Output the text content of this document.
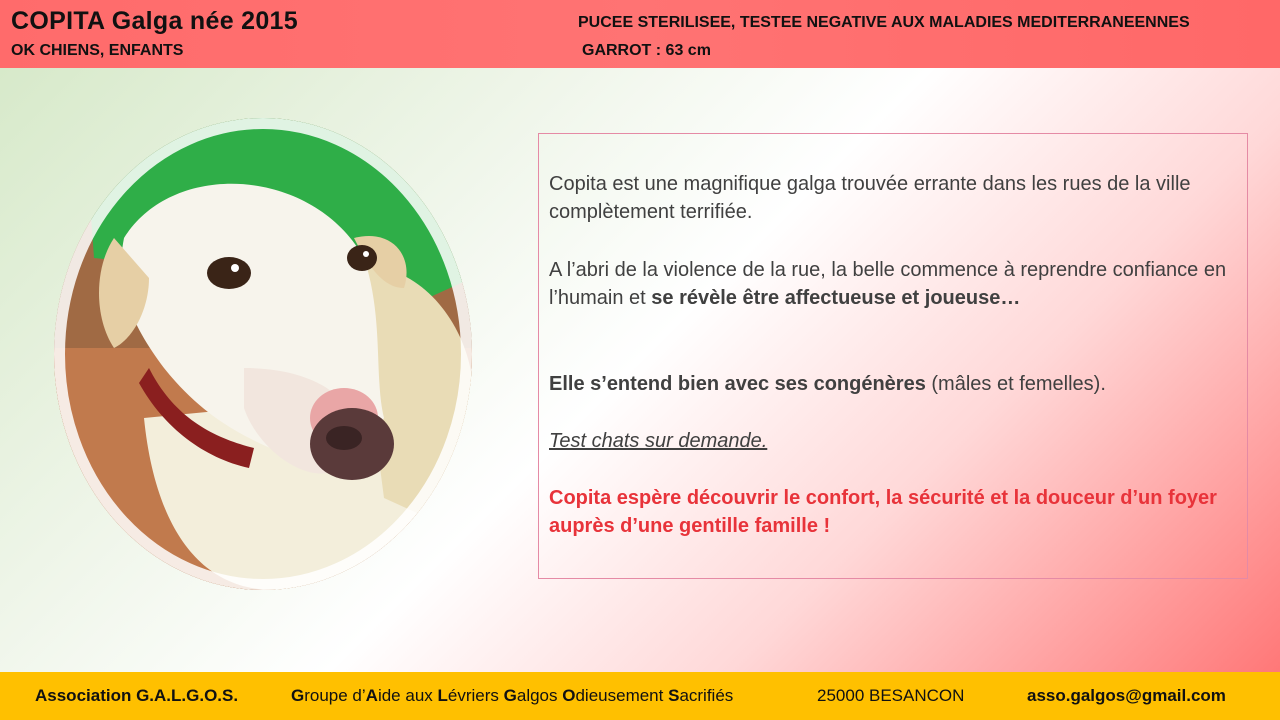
COPITA Galga née 2015
OK CHIENS, ENFANTS
PUCEE STERILISEE, TESTEE NEGATIVE AUX MALADIES MEDITERRANEENNES
GARROT : 63 cm
Copita est une magnifique galga trouvée errante dans les rues de la ville complètement terrifiée.
A l’abri de la violence de la rue, la belle commence à reprendre confiance en l’humain et se révèle être affectueuse et joueuse…
Elle s’entend bien avec ses congénères (mâles et femelles).
Test chats sur demande.
Copita espère découvrir le confort, la sécurité et la douceur d’un foyer auprès d’une gentille famille !
Association G.A.L.G.O.S.	Groupe d’Aide aux Lévriers Galgos Odieusement Sacrifiés	25000 BESANCON	asso.galgos@gmail.com
